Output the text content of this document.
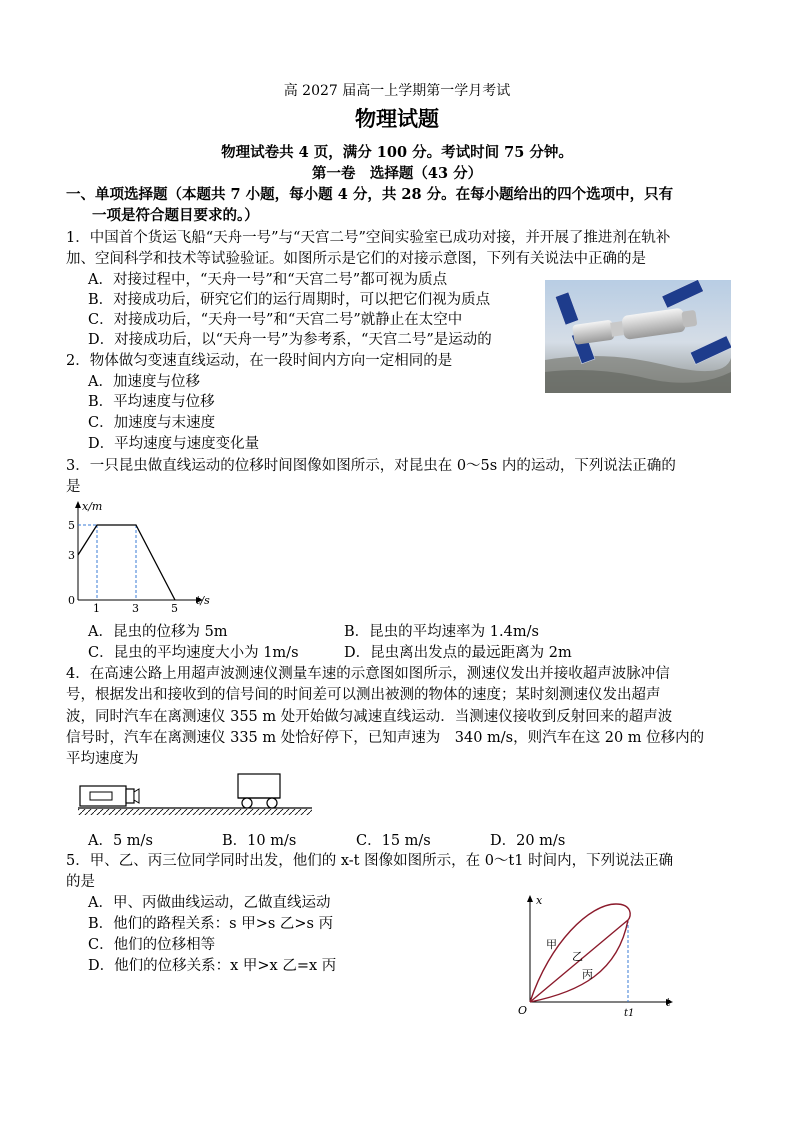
高 2027 届高一上学期第一学月考试
物理试题
物理试卷共 4 页，满分 100 分。考试时间 75 分钟。
第一卷　选择题（43 分）
一、单项选择题（本题共 7 小题，每小题 4 分，共 28 分。在每小题给出的四个选项中，只有
一项是符合题目要求的。）
1．中国首个货运飞船“天舟一号”与“天宫二号”空间实验室已成功对接，并开展了推进剂在轨补
加、空间科学和技术等试验验证。如图所示是它们的对接示意图，下列有关说法中正确的是
A．对接过程中，“天舟一号”和“天宫二号”都可视为质点
B．对接成功后，研究它们的运行周期时，可以把它们视为质点
C．对接成功后，“天舟一号”和“天宫二号”就静止在太空中
D．对接成功后，以“天舟一号”为参考系，“天宫二号”是运动的
2．物体做匀变速直线运动，在一段时间内方向一定相同的是
A．加速度与位移
B．平均速度与位移
C．加速度与末速度
D．平均速度与速度变化量
3．一只昆虫做直线运动的位移时间图像如图所示，对昆虫在 0～5s 内的运动，下列说法正确的
是
x/m
t/s
5
3
0
1	3	5
A．昆虫的位移为 5m	B．昆虫的平均速率为 1.4m/s
C．昆虫的平均速度大小为 1m/s	D．昆虫离出发点的最远距离为 2m
4．在高速公路上用超声波测速仪测量车速的示意图如图所示，测速仪发出并接收超声波脉冲信
号，根据发出和接收到的信号间的时间差可以测出被测的物体的速度；某时刻测速仪发出超声
波，同时汽车在离测速仪 355 m 处开始做匀减速直线运动．当测速仪接收到反射回来的超声波
信号时，汽车在离测速仪 335 m 处恰好停下，已知声速为　340 m/s，则汽车在这 20 m 位移内的
平均速度为
A．5 m/s	B．10 m/s	C．15 m/s	D．20 m/s
5．甲、乙、丙三位同学同时出发，他们的 x-t 图像如图所示，在 0～t1 时间内，下列说法正确
的是
A．甲、丙做曲线运动，乙做直线运动
B．他们的路程关系：s 甲>s 乙>s 丙
C．他们的位移相等
D．他们的位移关系：x 甲>x 乙=x 丙
x
t
O	t1
甲
乙
丙
